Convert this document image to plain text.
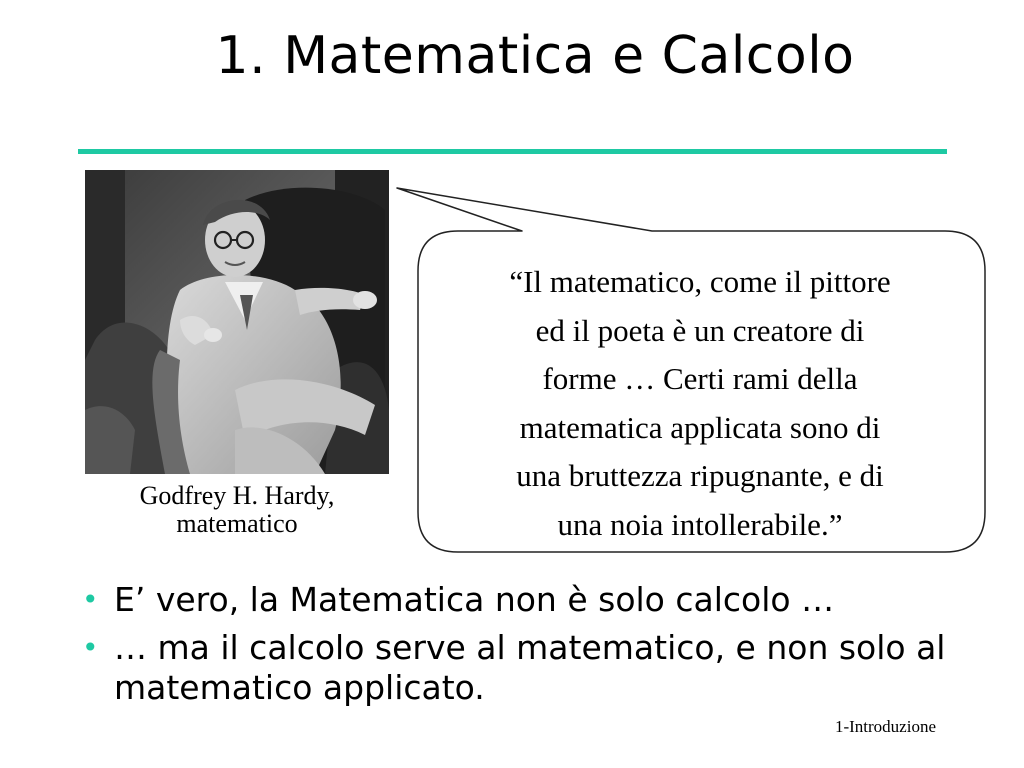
1. Matematica e Calcolo
Godfrey H. Hardy, matematico
“Il matematico, come il pittore
ed il poeta è un creatore di
forme … Certi rami della
matematica applicata sono di
una bruttezza ripugnante, e di
una noia intollerabile.”
• E’ vero, la Matematica non è solo calcolo …
• … ma il calcolo serve al matematico, e non solo al matematico applicato.
1-Introduzione
